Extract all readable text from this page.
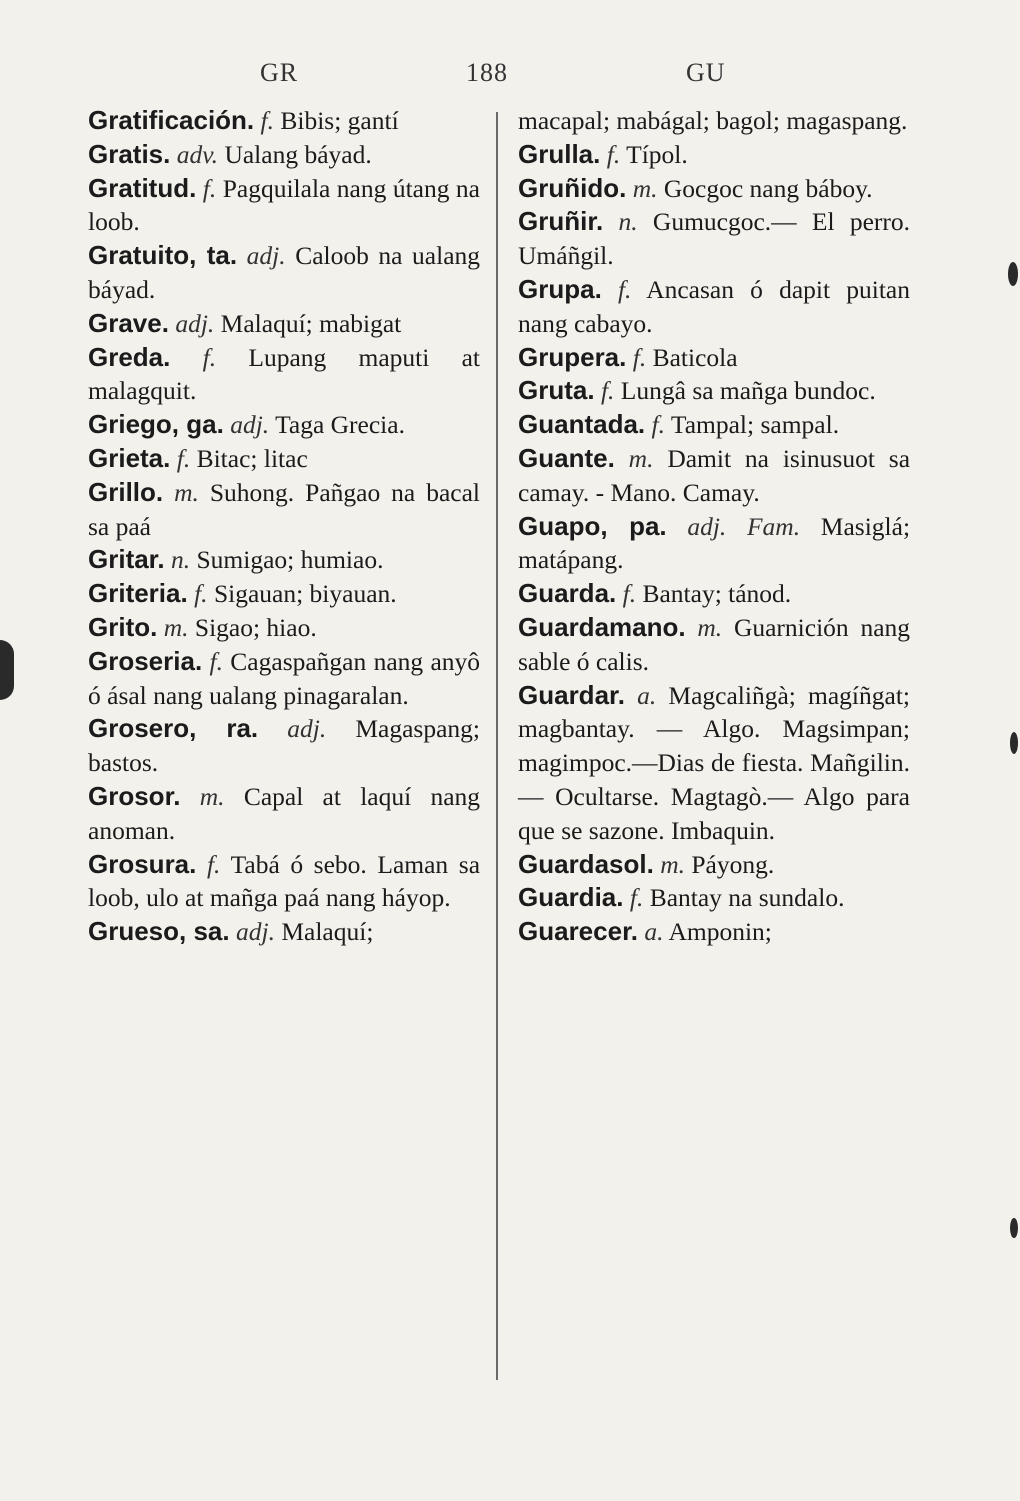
GR	188	GU
Gratificación. f. Bibis; gantí
Gratis. adv. Ualang báyad.
Gratitud. f. Pagquilala nang útang na loob.
Gratuito, ta. adj. Caloob na ualang báyad.
Grave. adj. Malaquí; mabigat
Greda. f. Lupang maputi at malagquit.
Griego, ga. adj. Taga Grecia.
Grieta. f. Bitac; litac
Grillo. m. Suhong. Pañgao na bacal sa paá
Gritar. n. Sumigao; humiao.
Griteria. f. Sigauan; biyauan.
Grito. m. Sigao; hiao.
Groseria. f. Cagaspañgan nang anyô ó ásal nang ualang pinagaralan.
Grosero, ra. adj. Magaspang; bastos.
Grosor. m. Capal at laquí nang anoman.
Grosura. f. Tabá ó sebo. Laman sa loob, ulo at mañga paá nang háyop.
Grueso, sa. adj. Malaquí;
macapal; mabágal; bagol; magaspang.
Grulla. f. Típol.
Gruñido. m. Gocgoc nang báboy.
Gruñir. n. Gumucgoc.— El perro. Umáñgil.
Grupa. f. Ancasan ó dapit puitan nang cabayo.
Grupera. f. Baticola
Gruta. f. Lungâ sa mañga bundoc.
Guantada. f. Tampal; sampal.
Guante. m. Damit na isinusuot sa camay. - Mano. Camay.
Guapo, pa. adj. Fam. Masiglá; matápang.
Guarda. f. Bantay; tánod.
Guardamano. m. Guarnición nang sable ó calis.
Guardar. a. Magcaliñgà; magíñgat; magbantay. — Algo. Magsimpan; magimpoc.—Dias de fiesta. Mañgilin.— Ocultarse. Magtagò.— Algo para que se sazone. Imbaquin.
Guardasol. m. Páyong.
Guardia. f. Bantay na sundalo.
Guarecer. a. Amponin;
